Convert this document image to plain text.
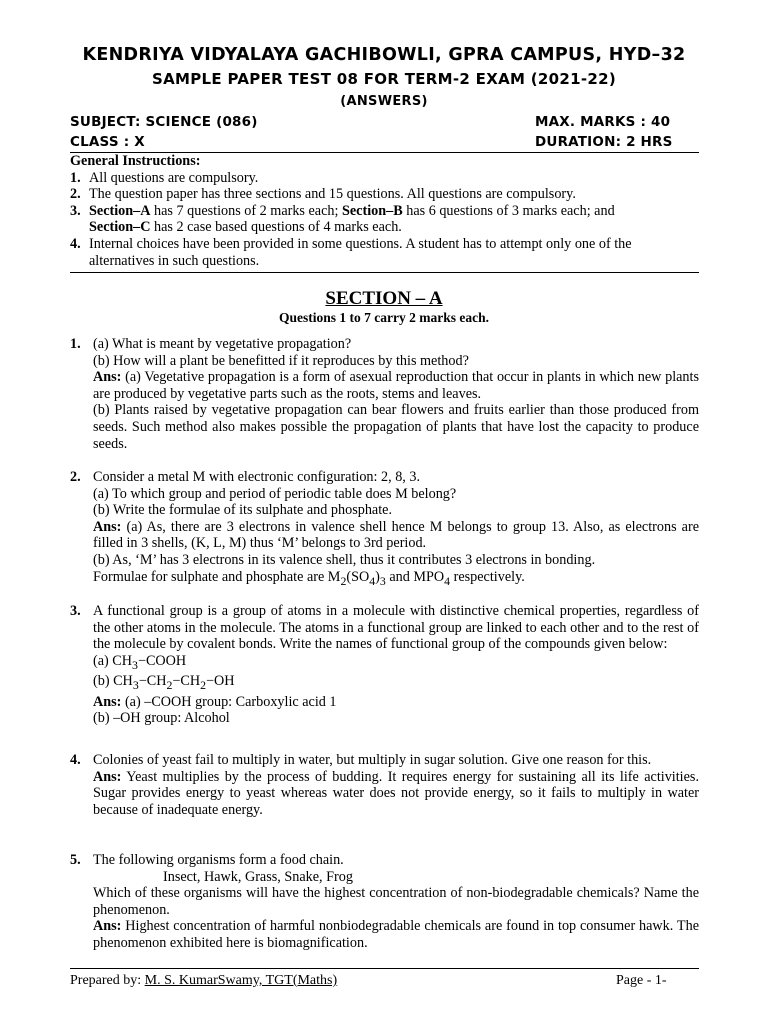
KENDRIYA VIDYALAYA GACHIBOWLI, GPRA CAMPUS, HYD–32
SAMPLE PAPER TEST 08 FOR TERM-2 EXAM (2021-22)
(ANSWERS)
SUBJECT: SCIENCE (086)	MAX. MARKS : 40
CLASS : X	DURATION: 2 HRS
General Instructions:
1. All questions are compulsory.
2. The question paper has three sections and 15 questions. All questions are compulsory.
3. Section–A has 7 questions of 2 marks each; Section–B has 6 questions of 3 marks each; and
Section–C has 2 case based questions of 4 marks each.
4. Internal choices have been provided in some questions. A student has to attempt only one of the alternatives in such questions.
SECTION – A
Questions 1 to 7 carry 2 marks each.
1. (a) What is meant by vegetative propagation?
(b) How will a plant be benefitted if it reproduces by this method?
Ans: (a) Vegetative propagation is a form of asexual reproduction that occur in plants in which new plants are produced by vegetative parts such as the roots, stems and leaves.
(b) Plants raised by vegetative propagation can bear flowers and fruits earlier than those produced from seeds. Such method also makes possible the propagation of plants that have lost the capacity to produce seeds.
2. Consider a metal M with electronic configuration: 2, 8, 3.
(a) To which group and period of periodic table does M belong?
(b) Write the formulae of its sulphate and phosphate.
Ans: (a) As, there are 3 electrons in valence shell hence M belongs to group 13. Also, as electrons are filled in 3 shells, (K, L, M) thus ‘M’ belongs to 3rd period.
(b) As, ‘M’ has 3 electrons in its valence shell, thus it contributes 3 electrons in bonding.
Formulae for sulphate and phosphate are $M_2(SO_4)_3$ and $MPO_4$ respectively.
3. A functional group is a group of atoms in a molecule with distinctive chemical properties, regardless of the other atoms in the molecule. The atoms in a functional group are linked to each other and to the rest of the molecule by covalent bonds. Write the names of functional group of the compounds given below:
(a) $CH_3-COOH$
(b) $CH_3-CH_2-CH_2-OH$
Ans: (a) –COOH group: Carboxylic acid 1
(b) –OH group: Alcohol
4. Colonies of yeast fail to multiply in water, but multiply in sugar solution. Give one reason for this.
Ans: Yeast multiplies by the process of budding. It requires energy for sustaining all its life activities. Sugar provides energy to yeast whereas water does not provide energy, so it fails to multiply in water because of inadequate energy.
5. The following organisms form a food chain.
Insect, Hawk, Grass, Snake, Frog
Which of these organisms will have the highest concentration of non-biodegradable chemicals? Name the phenomenon.
Ans: Highest concentration of harmful nonbiodegradable chemicals are found in top consumer hawk. The phenomenon exhibited here is biomagnification.
Prepared by: M. S. KumarSwamy, TGT(Maths)	Page - 1-
